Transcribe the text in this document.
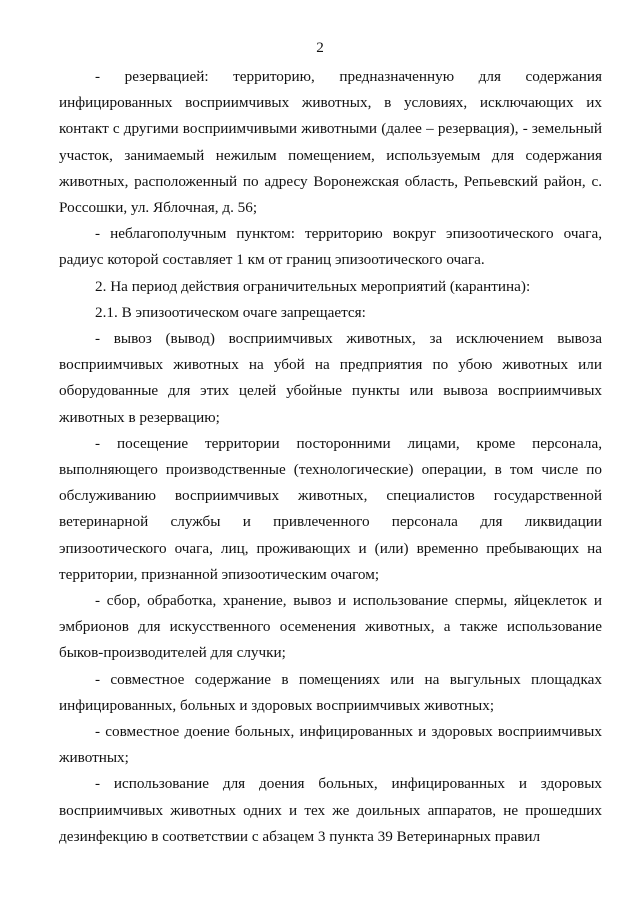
2

- резервацией: территорию, предназначенную для содержания инфицированных восприимчивых животных, в условиях, исключающих их контакт с другими восприимчивыми животными (далее – резервация), - земельный участок, занимаемый нежилым помещением, используемым для содержания животных, расположенный по адресу Воронежская область, Репьевский район, с. Россошки, ул. Яблочная, д. 56;

- неблагополучным пунктом: территорию вокруг эпизоотического очага, радиус которой составляет 1 км от границ эпизоотического очага.

2. На период действия ограничительных мероприятий (карантина):

2.1. В эпизоотическом очаге запрещается:

- вывоз (вывод) восприимчивых животных, за исключением вывоза восприимчивых животных на убой на предприятия по убою животных или оборудованные для этих целей убойные пункты или вывоза восприимчивых животных в резервацию;

- посещение территории посторонними лицами, кроме персонала, выполняющего производственные (технологические) операции, в том числе по обслуживанию восприимчивых животных, специалистов государственной ветеринарной службы и привлеченного персонала для ликвидации эпизоотического очага, лиц, проживающих и (или) временно пребывающих на территории, признанной эпизоотическим очагом;

- сбор, обработка, хранение, вывоз и использование спермы, яйцеклеток и эмбрионов для искусственного осеменения животных, а также использование быков-производителей для случки;

- совместное содержание в помещениях или на выгульных площадках инфицированных, больных и здоровых восприимчивых животных;

- совместное доение больных, инфицированных и здоровых восприимчивых животных;

- использование для доения больных, инфицированных и здоровых восприимчивых животных одних и тех же доильных аппаратов, не прошедших дезинфекцию в соответствии с абзацем 3 пункта 39 Ветеринарных правил
